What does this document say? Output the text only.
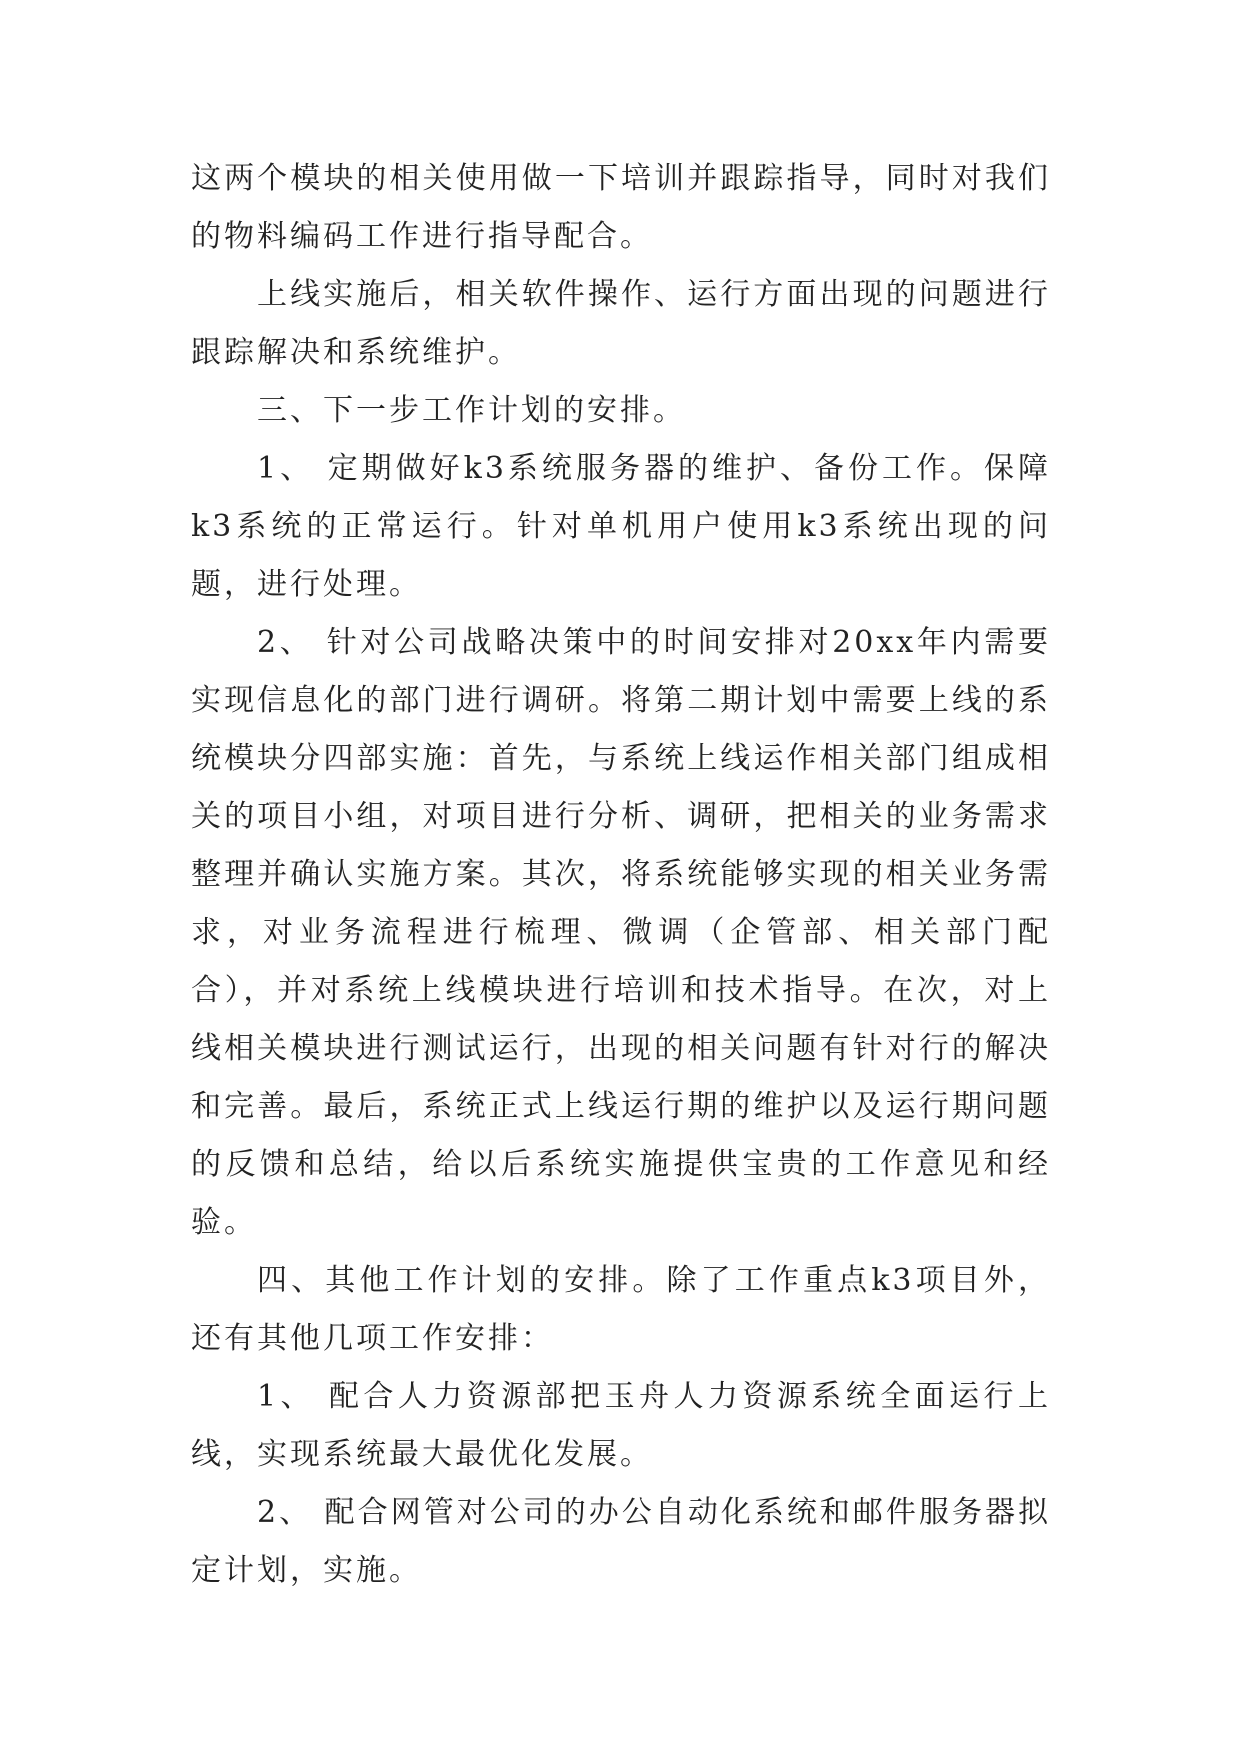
这两个模块的相关使用做一下培训并跟踪指导，同时对我们的物料编码工作进行指导配合。

上线实施后，相关软件操作、运行方面出现的问题进行跟踪解决和系统维护。

三、下一步工作计划的安排。

1、 定期做好k3系统服务器的维护、备份工作。保障k3系统的正常运行。针对单机用户使用k3系统出现的问题，进行处理。

2、 针对公司战略决策中的时间安排对20xx年内需要实现信息化的部门进行调研。将第二期计划中需要上线的系统模块分四部实施：首先，与系统上线运作相关部门组成相关的项目小组，对项目进行分析、调研，把相关的业务需求整理并确认实施方案。其次，将系统能够实现的相关业务需求，对业务流程进行梳理、微调（企管部、相关部门配合），并对系统上线模块进行培训和技术指导。在次，对上线相关模块进行测试运行，出现的相关问题有针对行的解决和完善。最后，系统正式上线运行期的维护以及运行期问题的反馈和总结，给以后系统实施提供宝贵的工作意见和经验。

四、其他工作计划的安排。除了工作重点k3项目外，还有其他几项工作安排：

1、 配合人力资源部把玉舟人力资源系统全面运行上线，实现系统最大最优化发展。

2、 配合网管对公司的办公自动化系统和邮件服务器拟定计划，实施。
